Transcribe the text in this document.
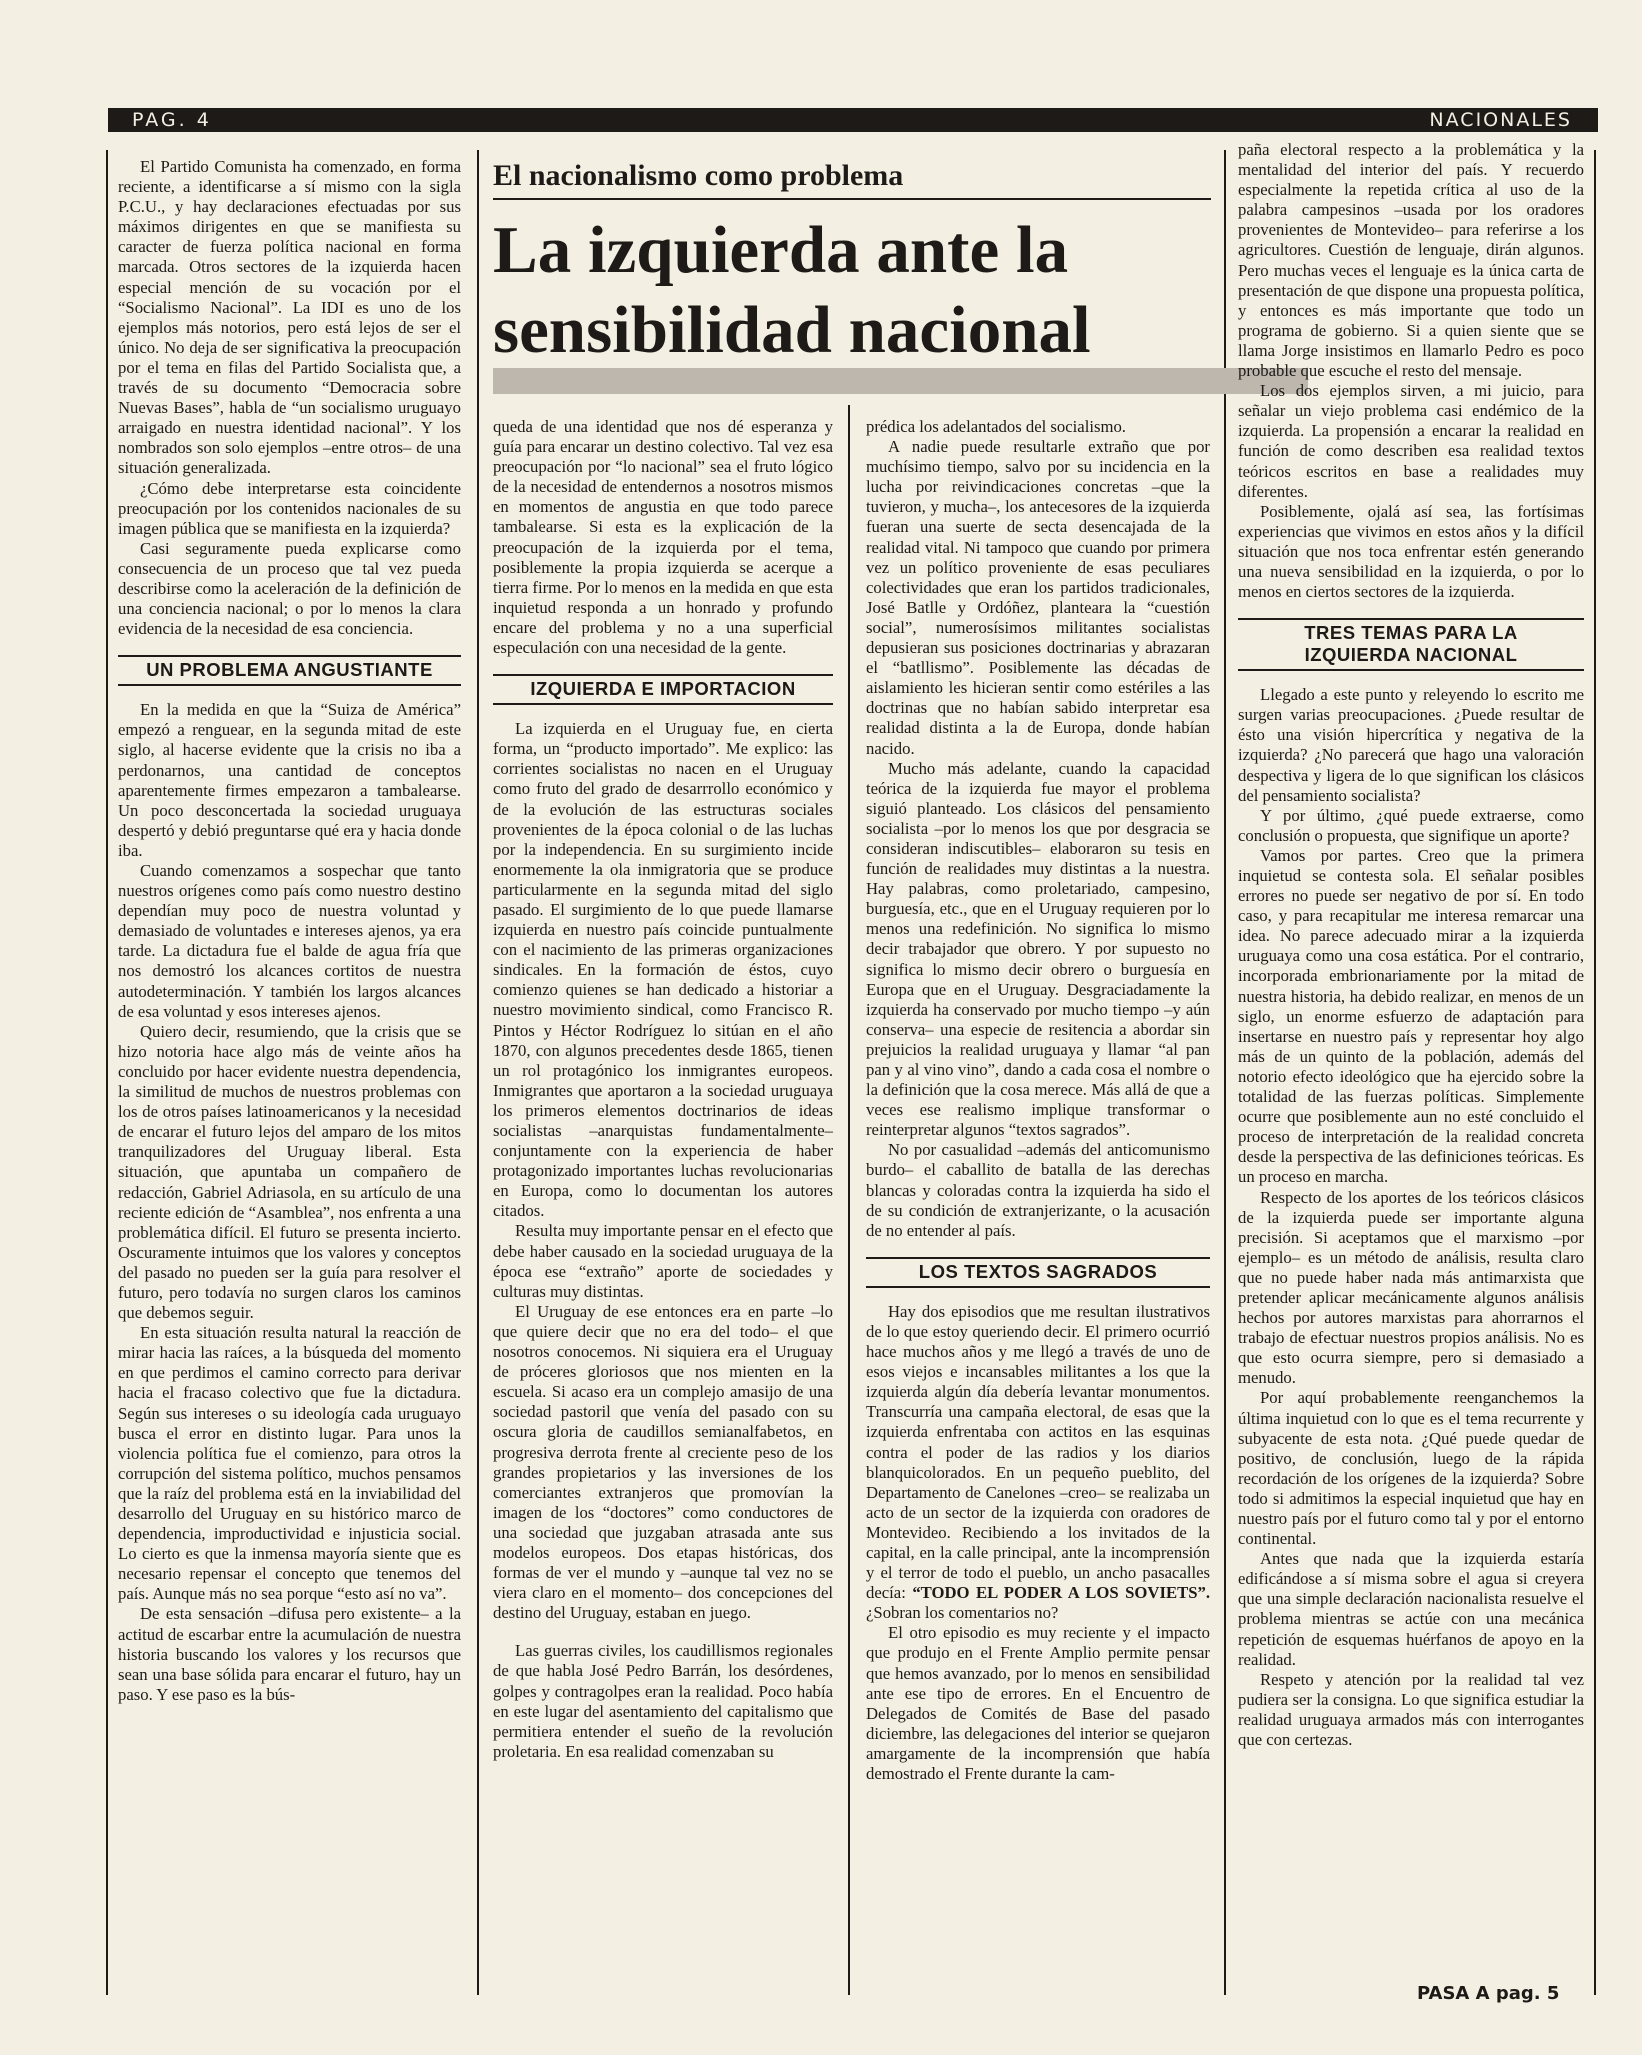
PAG. 4	NACIONALES
El nacionalismo como problema
La izquierda ante la sensibilidad nacional

El Partido Comunista ha comenzado, en forma reciente, a identificarse a sí mismo con la sigla P.C.U., y hay declaraciones efectuadas por sus máximos dirigentes en que se manifiesta su caracter de fuerza política nacional en forma marcada. Otros sectores de la izquierda hacen especial mención de su vocación por el “Socialismo Nacional”. La IDI es uno de los ejemplos más notorios, pero está lejos de ser el único. No deja de ser significativa la preocupación por el tema en filas del Partido Socialista que, a través de su documento “Democracia sobre Nuevas Bases”, habla de “un socialismo uruguayo arraigado en nuestra identidad nacional”. Y los nombrados son solo ejemplos –entre otros– de una situación generalizada.

¿Cómo debe interpretarse esta coincidente preocupación por los contenidos nacionales de su imagen pública que se manifiesta en la izquierda?

Casi seguramente pueda explicarse como consecuencia de un proceso que tal vez pueda describirse como la aceleración de la definición de una conciencia nacional; o por lo menos la clara evidencia de la necesidad de esa conciencia.

UN PROBLEMA ANGUSTIANTE

En la medida en que la “Suiza de América” empezó a renguear, en la segunda mitad de este siglo, al hacerse evidente que la crisis no iba a perdonarnos, una cantidad de conceptos aparentemente firmes empezaron a tambalearse. Un poco desconcertada la sociedad uruguaya despertó y debió preguntarse qué era y hacia donde iba.

Cuando comenzamos a sospechar que tanto nuestros orígenes como país como nuestro destino dependían muy poco de nuestra voluntad y demasiado de voluntades e intereses ajenos, ya era tarde. La dictadura fue el balde de agua fría que nos demostró los alcances cortitos de nuestra autodeterminación. Y también los largos alcances de esa voluntad y esos intereses ajenos.

Quiero decir, resumiendo, que la crisis que se hizo notoria hace algo más de veinte años ha concluido por hacer evidente nuestra dependencia, la similitud de muchos de nuestros problemas con los de otros países latinoamericanos y la necesidad de encarar el futuro lejos del amparo de los mitos tranquilizadores del Uruguay liberal. Esta situación, que apuntaba un compañero de redacción, Gabriel Adriasola, en su artículo de una reciente edición de “Asamblea”, nos enfrenta a una problemática difícil. El futuro se presenta incierto. Oscuramente intuimos que los valores y conceptos del pasado no pueden ser la guía para resolver el futuro, pero todavía no surgen claros los caminos que debemos seguir.

En esta situación resulta natural la reacción de mirar hacia las raíces, a la búsqueda del momento en que perdimos el camino correcto para derivar hacia el fracaso colectivo que fue la dictadura. Según sus intereses o su ideología cada uruguayo busca el error en distinto lugar. Para unos la violencia política fue el comienzo, para otros la corrupción del sistema político, muchos pensamos que la raíz del problema está en la inviabilidad del desarrollo del Uruguay en su histórico marco de dependencia, improductividad e injusticia social. Lo cierto es que la inmensa mayoría siente que es necesario repensar el concepto que tenemos del país. Aunque más no sea porque “esto así no va”.

De esta sensación –difusa pero existente– a la actitud de escarbar entre la acumulación de nuestra historia buscando los valores y los recursos que sean una base sólida para encarar el futuro, hay un paso. Y ese paso es la bús-

queda de una identidad que nos dé esperanza y guía para encarar un destino colectivo. Tal vez esa preocupación por “lo nacional” sea el fruto lógico de la necesidad de entendernos a nosotros mismos en momentos de angustia en que todo parece tambalearse. Si esta es la explicación de la preocupación de la izquierda por el tema, posiblemente la propia izquierda se acerque a tierra firme. Por lo menos en la medida en que esta inquietud responda a un honrado y profundo encare del problema y no a una superficial especulación con una necesidad de la gente.

IZQUIERDA E IMPORTACION

La izquierda en el Uruguay fue, en cierta forma, un “producto importado”. Me explico: las corrientes socialistas no nacen en el Uruguay como fruto del grado de desarrrollo económico y de la evolución de las estructuras sociales provenientes de la época colonial o de las luchas por la independencia. En su surgimiento incide enormemente la ola inmigratoria que se produce particularmente en la segunda mitad del siglo pasado. El surgimiento de lo que puede llamarse izquierda en nuestro país coincide puntualmente con el nacimiento de las primeras organizaciones sindicales. En la formación de éstos, cuyo comienzo quienes se han dedicado a historiar a nuestro movimiento sindical, como Francisco R. Pintos y Héctor Rodríguez lo sitúan en el año 1870, con algunos precedentes desde 1865, tienen un rol protagónico los inmigrantes europeos. Inmigrantes que aportaron a la sociedad uruguaya los primeros elementos doctrinarios de ideas socialistas –anarquistas fundamentalmente– conjuntamente con la experiencia de haber protagonizado importantes luchas revolucionarias en Europa, como lo documentan los autores citados.

Resulta muy importante pensar en el efecto que debe haber causado en la sociedad uruguaya de la época ese “extraño” aporte de sociedades y culturas muy distintas.

El Uruguay de ese entonces era en parte –lo que quiere decir que no era del todo– el que nosotros conocemos. Ni siquiera era el Uruguay de próceres gloriosos que nos mienten en la escuela. Si acaso era un complejo amasijo de una sociedad pastoril que venía del pasado con su oscura gloria de caudillos semianalfabetos, en progresiva derrota frente al creciente peso de los grandes propietarios y las inversiones de los comerciantes extranjeros que promovían la imagen de los “doctores” como conductores de una sociedad que juzgaban atrasada ante sus modelos europeos. Dos etapas históricas, dos formas de ver el mundo y –aunque tal vez no se viera claro en el momento– dos concepciones del destino del Uruguay, estaban en juego.

Las guerras civiles, los caudillismos regionales de que habla José Pedro Barrán, los desórdenes, golpes y contragolpes eran la realidad. Poco había en este lugar del asentamiento del capitalismo que permitiera entender el sueño de la revolución proletaria. En esa realidad comenzaban su

prédica los adelantados del socialismo.

A nadie puede resultarle extraño que por muchísimo tiempo, salvo por su incidencia en la lucha por reivindicaciones concretas –que la tuvieron, y mucha–, los antecesores de la izquierda fueran una suerte de secta desencajada de la realidad vital. Ni tampoco que cuando por primera vez un político proveniente de esas peculiares colectividades que eran los partidos tradicionales, José Batlle y Ordóñez, planteara la “cuestión social”, numerosísimos militantes socialistas depusieran sus posiciones doctrinarias y abrazaran el “batllismo”. Posiblemente las décadas de aislamiento les hicieran sentir como estériles a las doctrinas que no habían sabido interpretar esa realidad distinta a la de Europa, donde habían nacido.

Mucho más adelante, cuando la capacidad teórica de la izquierda fue mayor el problema siguió planteado. Los clásicos del pensamiento socialista –por lo menos los que por desgracia se consideran indiscutibles– elaboraron su tesis en función de realidades muy distintas a la nuestra. Hay palabras, como proletariado, campesino, burguesía, etc., que en el Uruguay requieren por lo menos una redefinición. No significa lo mismo decir trabajador que obrero. Y por supuesto no significa lo mismo decir obrero o burguesía en Europa que en el Uruguay. Desgraciadamente la izquierda ha conservado por mucho tiempo –y aún conserva– una especie de resitencia a abordar sin prejuicios la realidad uruguaya y llamar “al pan pan y al vino vino”, dando a cada cosa el nombre o la definición que la cosa merece. Más allá de que a veces ese realismo implique transformar o reinterpretar algunos “textos sagrados”.

No por casualidad –además del anticomunismo burdo– el caballito de batalla de las derechas blancas y coloradas contra la izquierda ha sido el de su condición de extranjerizante, o la acusación de no entender al país.

LOS TEXTOS SAGRADOS

Hay dos episodios que me resultan ilustrativos de lo que estoy queriendo decir. El primero ocurrió hace muchos años y me llegó a través de uno de esos viejos e incansables militantes a los que la izquierda algún día debería levantar monumentos. Transcurría una campaña electoral, de esas que la izquierda enfrentaba con actitos en las esquinas contra el poder de las radios y los diarios blanquicolorados. En un pequeño pueblito, del Departamento de Canelones –creo– se realizaba un acto de un sector de la izquierda con oradores de Montevideo. Recibiendo a los invitados de la capital, en la calle principal, ante la incomprensión y el terror de todo el pueblo, un ancho pasacalles decía: “TODO EL PODER A LOS SOVIETS”. ¿Sobran los comentarios no?

El otro episodio es muy reciente y el impacto que produjo en el Frente Amplio permite pensar que hemos avanzado, por lo menos en sensibilidad ante ese tipo de errores. En el Encuentro de Delegados de Comités de Base del pasado diciembre, las delegaciones del interior se quejaron amargamente de la incomprensión que había demostrado el Frente durante la cam-

paña electoral respecto a la problemática y la mentalidad del interior del país. Y recuerdo especialmente la repetida crítica al uso de la palabra campesinos –usada por los oradores provenientes de Montevideo– para referirse a los agricultores. Cuestión de lenguaje, dirán algunos. Pero muchas veces el lenguaje es la única carta de presentación de que dispone una propuesta política, y entonces es más importante que todo un programa de gobierno. Si a quien siente que se llama Jorge insistimos en llamarlo Pedro es poco probable que escuche el resto del mensaje.

Los dos ejemplos sirven, a mi juicio, para señalar un viejo problema casi endémico de la izquierda. La propensión a encarar la realidad en función de como describen esa realidad textos teóricos escritos en base a realidades muy diferentes.

Posiblemente, ojalá así sea, las fortísimas experiencias que vivimos en estos años y la difícil situación que nos toca enfrentar estén generando una nueva sensibilidad en la izquierda, o por lo menos en ciertos sectores de la izquierda.

TRES TEMAS PARA LA
IZQUIERDA NACIONAL

Llegado a este punto y releyendo lo escrito me surgen varias preocupaciones. ¿Puede resultar de ésto una visión hipercrítica y negativa de la izquierda? ¿No parecerá que hago una valoración despectiva y ligera de lo que significan los clásicos del pensamiento socialista?

Y por último, ¿qué puede extraerse, como conclusión o propuesta, que signifique un aporte?

Vamos por partes. Creo que la primera inquietud se contesta sola. El señalar posibles errores no puede ser negativo de por sí. En todo caso, y para recapitular me interesa remarcar una idea. No parece adecuado mirar a la izquierda uruguaya como una cosa estática. Por el contrario, incorporada embrionariamente por la mitad de nuestra historia, ha debido realizar, en menos de un siglo, un enorme esfuerzo de adaptación para insertarse en nuestro país y representar hoy algo más de un quinto de la población, además del notorio efecto ideológico que ha ejercido sobre la totalidad de las fuerzas políticas. Simplemente ocurre que posiblemente aun no esté concluido el proceso de interpretación de la realidad concreta desde la perspectiva de las definiciones teóricas. Es un proceso en marcha.

Respecto de los aportes de los teóricos clásicos de la izquierda puede ser importante alguna precisión. Si aceptamos que el marxismo –por ejemplo– es un método de análisis, resulta claro que no puede haber nada más antimarxista que pretender aplicar mecánicamente algunos análisis hechos por autores marxistas para ahorrarnos el trabajo de efectuar nuestros propios análisis. No es que esto ocurra siempre, pero si demasiado a menudo.

Por aquí probablemente reenganchemos la última inquietud con lo que es el tema recurrente y subyacente de esta nota. ¿Qué puede quedar de positivo, de conclusión, luego de la rápida recordación de los orígenes de la izquierda? Sobre todo si admitimos la especial inquietud que hay en nuestro país por el futuro como tal y por el entorno continental.

Antes que nada que la izquierda estaría edificándose a sí misma sobre el agua si creyera que una simple declaración nacionalista resuelve el problema mientras se actúe con una mecánica repetición de esquemas huérfanos de apoyo en la realidad.

Respeto y atención por la realidad tal vez pudiera ser la consigna. Lo que significa estudiar la realidad uruguaya armados más con interrogantes que con certezas.

PASA A pag. 5
